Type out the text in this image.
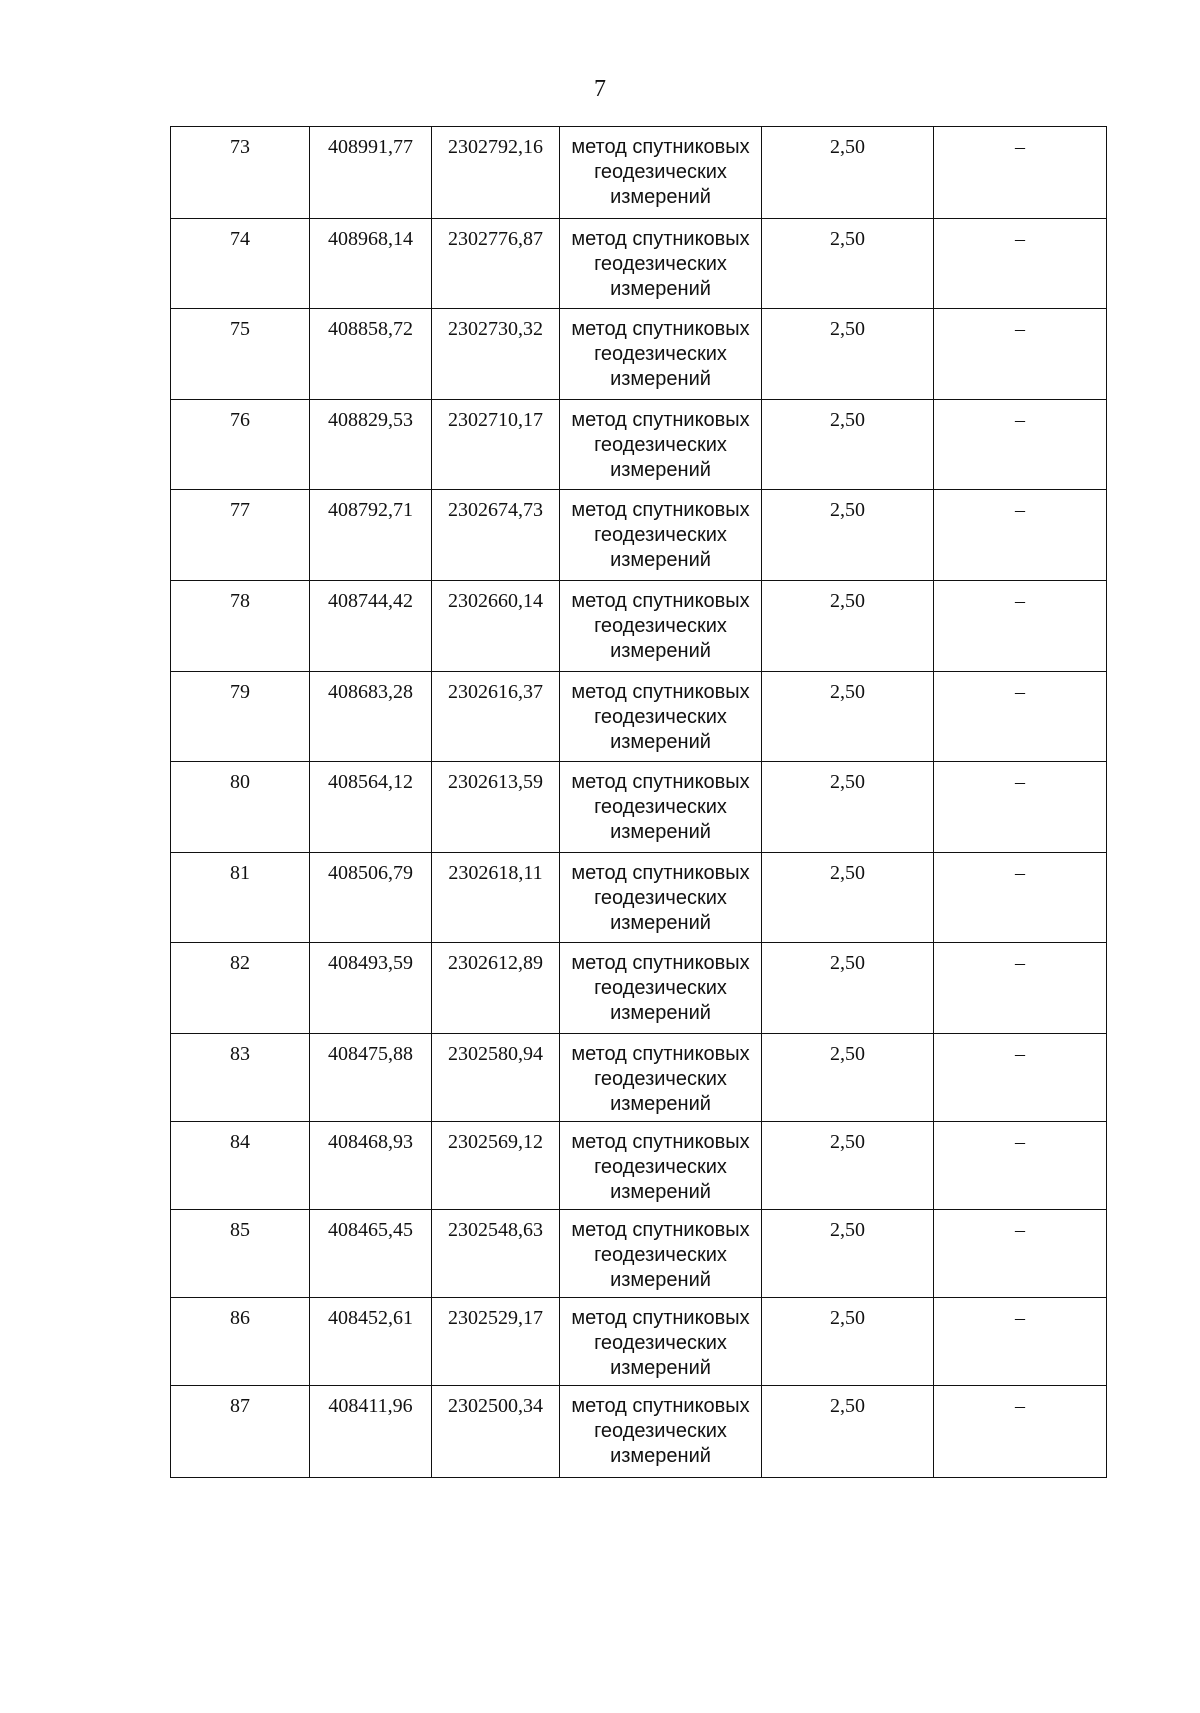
7
73	408991,77	2302792,16	метод спутниковых геодезических измерений	2,50	–
74	408968,14	2302776,87	метод спутниковых геодезических измерений	2,50	–
75	408858,72	2302730,32	метод спутниковых геодезических измерений	2,50	–
76	408829,53	2302710,17	метод спутниковых геодезических измерений	2,50	–
77	408792,71	2302674,73	метод спутниковых геодезических измерений	2,50	–
78	408744,42	2302660,14	метод спутниковых геодезических измерений	2,50	–
79	408683,28	2302616,37	метод спутниковых геодезических измерений	2,50	–
80	408564,12	2302613,59	метод спутниковых геодезических измерений	2,50	–
81	408506,79	2302618,11	метод спутниковых геодезических измерений	2,50	–
82	408493,59	2302612,89	метод спутниковых геодезических измерений	2,50	–
83	408475,88	2302580,94	метод спутниковых геодезических измерений	2,50	–
84	408468,93	2302569,12	метод спутниковых геодезических измерений	2,50	–
85	408465,45	2302548,63	метод спутниковых геодезических измерений	2,50	–
86	408452,61	2302529,17	метод спутниковых геодезических измерений	2,50	–
87	408411,96	2302500,34	метод спутниковых геодезических измерений	2,50	–
